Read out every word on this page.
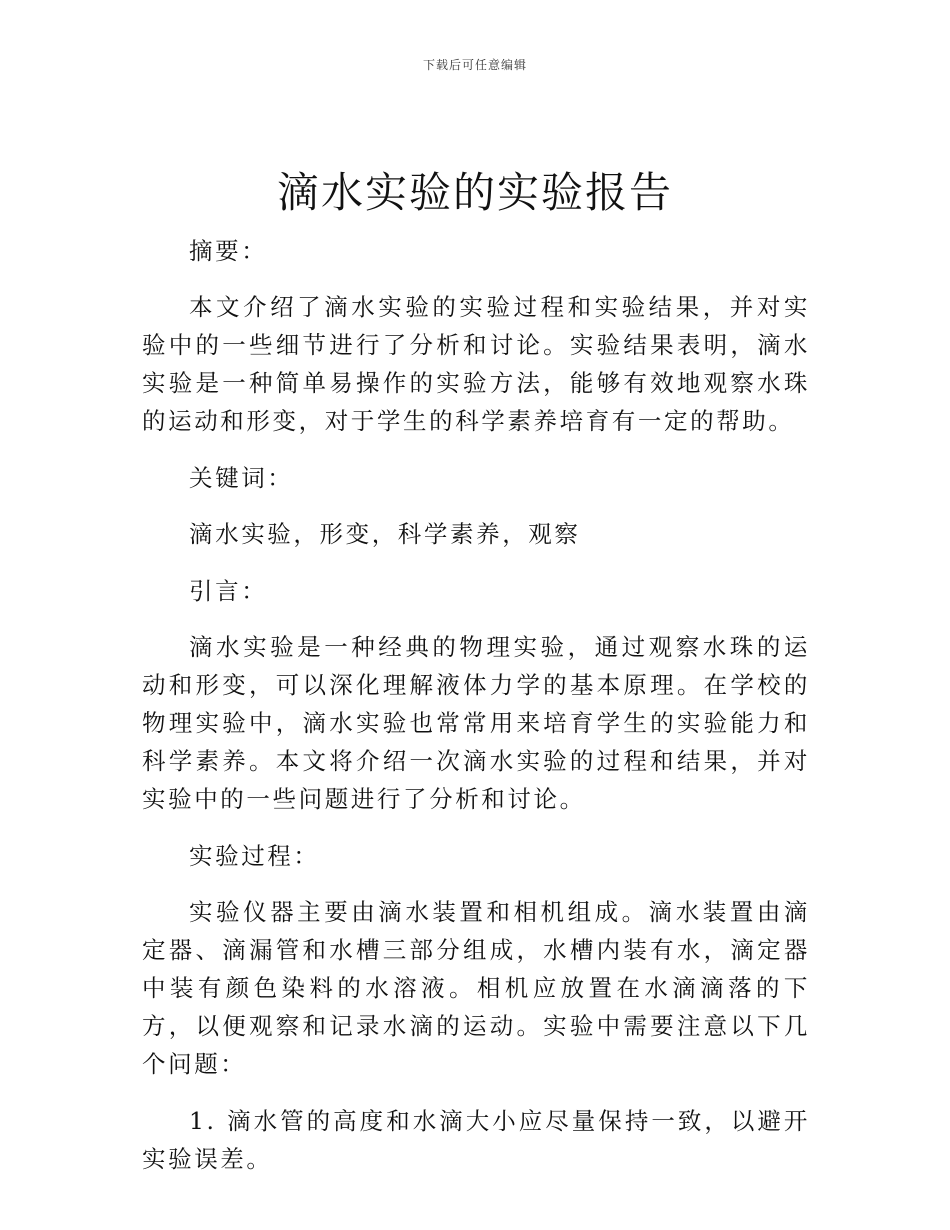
下载后可任意编辑
滴水实验的实验报告

摘要：

本文介绍了滴水实验的实验过程和实验结果，并对实验中的一些细节进行了分析和讨论。实验结果表明，滴水实验是一种简单易操作的实验方法，能够有效地观察水珠的运动和形变，对于学生的科学素养培育有一定的帮助。

关键词：

滴水实验，形变，科学素养，观察

引言：

滴水实验是一种经典的物理实验，通过观察水珠的运动和形变，可以深化理解液体力学的基本原理。在学校的物理实验中，滴水实验也常常用来培育学生的实验能力和科学素养。本文将介绍一次滴水实验的过程和结果，并对实验中的一些问题进行了分析和讨论。

实验过程：

实验仪器主要由滴水装置和相机组成。滴水装置由滴定器、滴漏管和水槽三部分组成，水槽内装有水，滴定器中装有颜色染料的水溶液。相机应放置在水滴滴落的下方，以便观察和记录水滴的运动。实验中需要注意以下几个问题：

1. 滴水管的高度和水滴大小应尽量保持一致，以避开实验误差。
